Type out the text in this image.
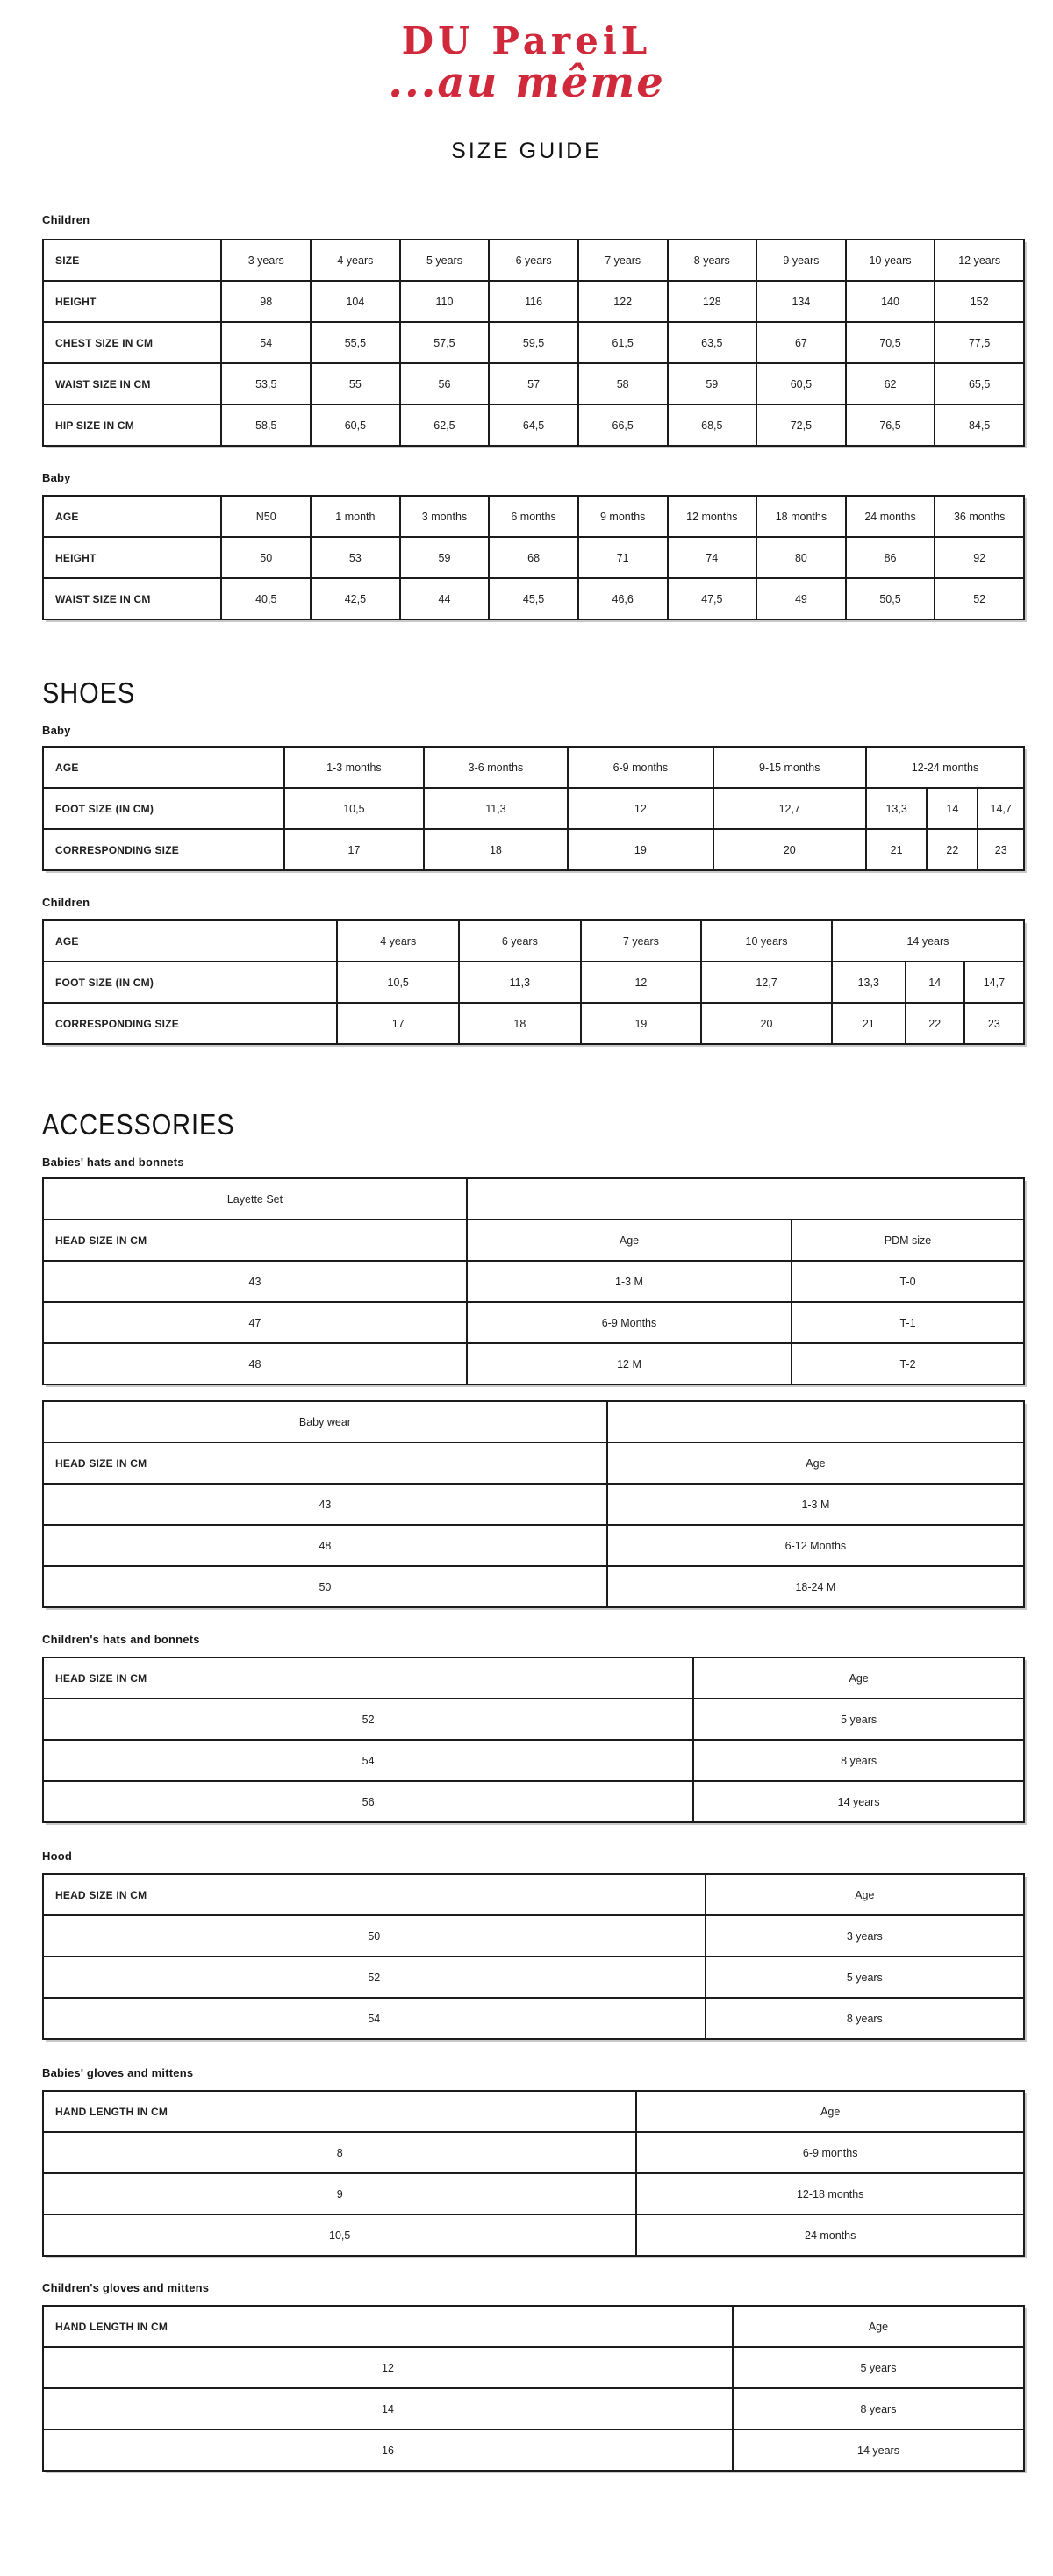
DU PareiL
...au même
SIZE GUIDE
Children
SIZE	3 years	4 years	5 years	6 years	7 years	8 years	9 years	10 years	12 years
HEIGHT	98	104	110	116	122	128	134	140	152
CHEST SIZE IN CM	54	55,5	57,5	59,5	61,5	63,5	67	70,5	77,5
WAIST SIZE IN CM	53,5	55	56	57	58	59	60,5	62	65,5
HIP SIZE IN CM	58,5	60,5	62,5	64,5	66,5	68,5	72,5	76,5	84,5
Baby
AGE	N50	1 month	3 months	6 months	9 months	12 months	18 months	24 months	36 months
HEIGHT	50	53	59	68	71	74	80	86	92
WAIST SIZE IN CM	40,5	42,5	44	45,5	46,6	47,5	49	50,5	52
SHOES
Baby
AGE	1-3 months	3-6 months	6-9 months	9-15 months	12-24 months		
FOOT SIZE (IN CM)	10,5	11,3	12	12,7	13,3	14	14,7
CORRESPONDING SIZE	17	18	19	20	21	22	23
Children
AGE	4 years	6 years	7 years	10 years	14 years		
FOOT SIZE (IN CM)	10,5	11,3	12	12,7	13,3	14	14,7
CORRESPONDING SIZE	17	18	19	20	21	22	23
ACCESSORIES
Babies' hats and bonnets
Layette Set		
HEAD SIZE IN CM	Age	PDM size
43	1-3 M	T-0
47	6-9 Months	T-1
48	12 M	T-2
Baby wear	
HEAD SIZE IN CM	Age
43	1-3 M
48	6-12 Months
50	18-24 M
Children's hats and bonnets
HEAD SIZE IN CM	Age
52	5 years
54	8 years
56	14 years
Hood
HEAD SIZE IN CM	Age
50	3 years
52	5 years
54	8 years
Babies' gloves and mittens
HAND LENGTH IN CM	Age
8	6-9 months
9	12-18 months
10,5	24 months
Children's gloves and mittens
HAND LENGTH IN CM	Age
12	5 years
14	8 years
16	14 years
